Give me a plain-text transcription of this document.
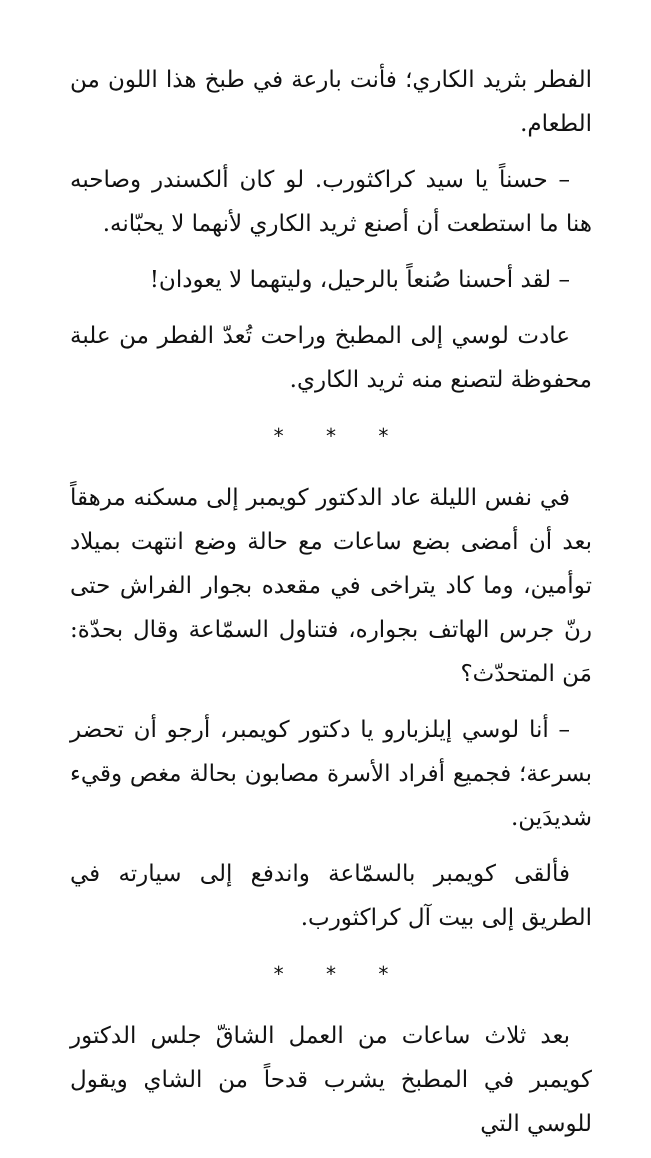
الفطر بثريد الكاري؛ فأنت بارعة في طبخ هذا اللون من الطعام.

– حسناً يا سيد كراكثورب. لو كان ألكسندر وصاحبه هنا ما استطعت أن أصنع ثريد الكاري لأنهما لا يحبّانه.

– لقد أحسنا صُنعاً بالرحيل، وليتهما لا يعودان!

عادت لوسي إلى المطبخ وراحت تُعدّ الفطر من علبة محفوظة لتصنع منه ثريد الكاري.

* * *

في نفس الليلة عاد الدكتور كويمبر إلى مسكنه مرهقاً بعد أن أمضى بضع ساعات مع حالة وضع انتهت بميلاد توأمين، وما كاد يتراخى في مقعده بجوار الفراش حتى رنّ جرس الهاتف بجواره، فتناول السمّاعة وقال بحدّة: مَن المتحدّث؟

– أنا لوسي إيلزبارو يا دكتور كويمبر، أرجو أن تحضر بسرعة؛ فجميع أفراد الأسرة مصابون بحالة مغص وقيء شديدَين.

فألقى كويمبر بالسمّاعة واندفع إلى سيارته في الطريق إلى بيت آل كراكثورب.

* * *

بعد ثلاث ساعات من العمل الشاقّ جلس الدكتور كويمبر في المطبخ يشرب قدحاً من الشاي ويقول للوسي التي
